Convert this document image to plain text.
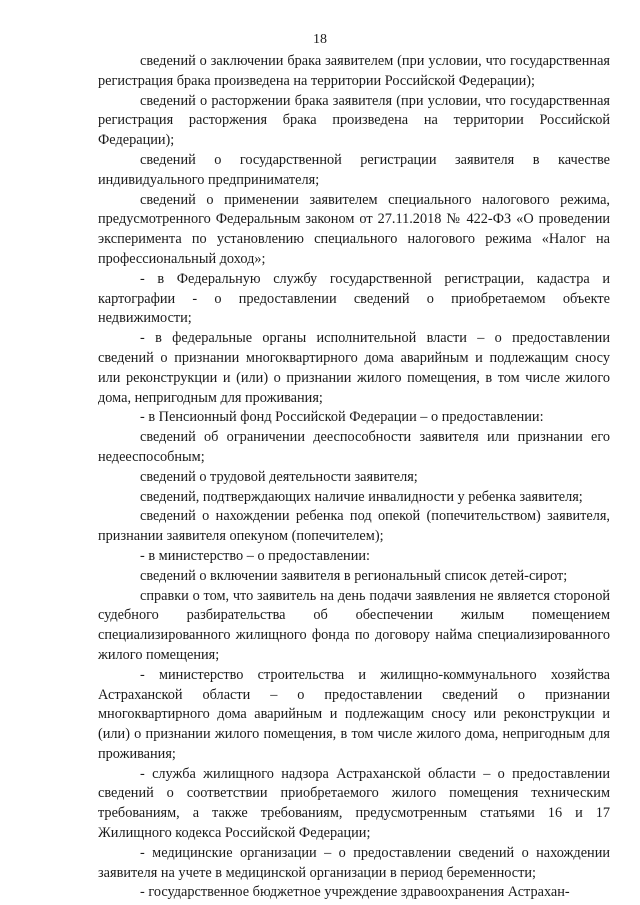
18

сведений о заключении брака заявителем (при условии, что государственная регистрация брака произведена на территории Российской Федерации);

сведений о расторжении брака заявителя (при условии, что государственная регистрация расторжения брака произведена на территории Российской Федерации);

сведений о государственной регистрации заявителя в качестве индивидуального предпринимателя;

сведений о применении заявителем специального налогового режима, предусмотренного Федеральным законом от 27.11.2018 № 422-ФЗ «О проведении эксперимента по установлению специального налогового режима «Налог на профессиональный доход»;

- в Федеральную службу государственной регистрации, кадастра и картографии - о предоставлении сведений о приобретаемом объекте недвижимости;

- в федеральные органы исполнительной власти – о предоставлении сведений о признании многоквартирного дома аварийным и подлежащим сносу или реконструкции и (или) о признании жилого помещения, в том числе жилого дома, непригодным для проживания;

- в Пенсионный фонд Российской Федерации – о предоставлении:

сведений об ограничении дееспособности заявителя или признании его недееспособным;

сведений о трудовой деятельности заявителя;

сведений, подтверждающих наличие инвалидности у ребенка заявителя;

сведений о нахождении ребенка под опекой (попечительством) заявителя, признании заявителя опекуном (попечителем);

- в министерство – о предоставлении:

сведений о включении заявителя в региональный список детей-сирот;

справки о том, что заявитель на день подачи заявления не является стороной судебного разбирательства об обеспечении жилым помещением специализированного жилищного фонда по договору найма специализированного жилого помещения;

- министерство строительства и жилищно-коммунального хозяйства Астраханской области – о предоставлении сведений о признании многоквартирного дома аварийным и подлежащим сносу или реконструкции и (или) о признании жилого помещения, в том числе жилого дома, непригодным для проживания;

- служба жилищного надзора Астраханской области – о предоставлении сведений о соответствии приобретаемого жилого помещения техническим требованиям, а также требованиям, предусмотренным статьями 16 и 17 Жилищного кодекса Российской Федерации;

- медицинские организации – о предоставлении сведений о нахождении заявителя на учете в медицинской организации в период беременности;

- государственное бюджетное учреждение здравоохранения Астрахан-
